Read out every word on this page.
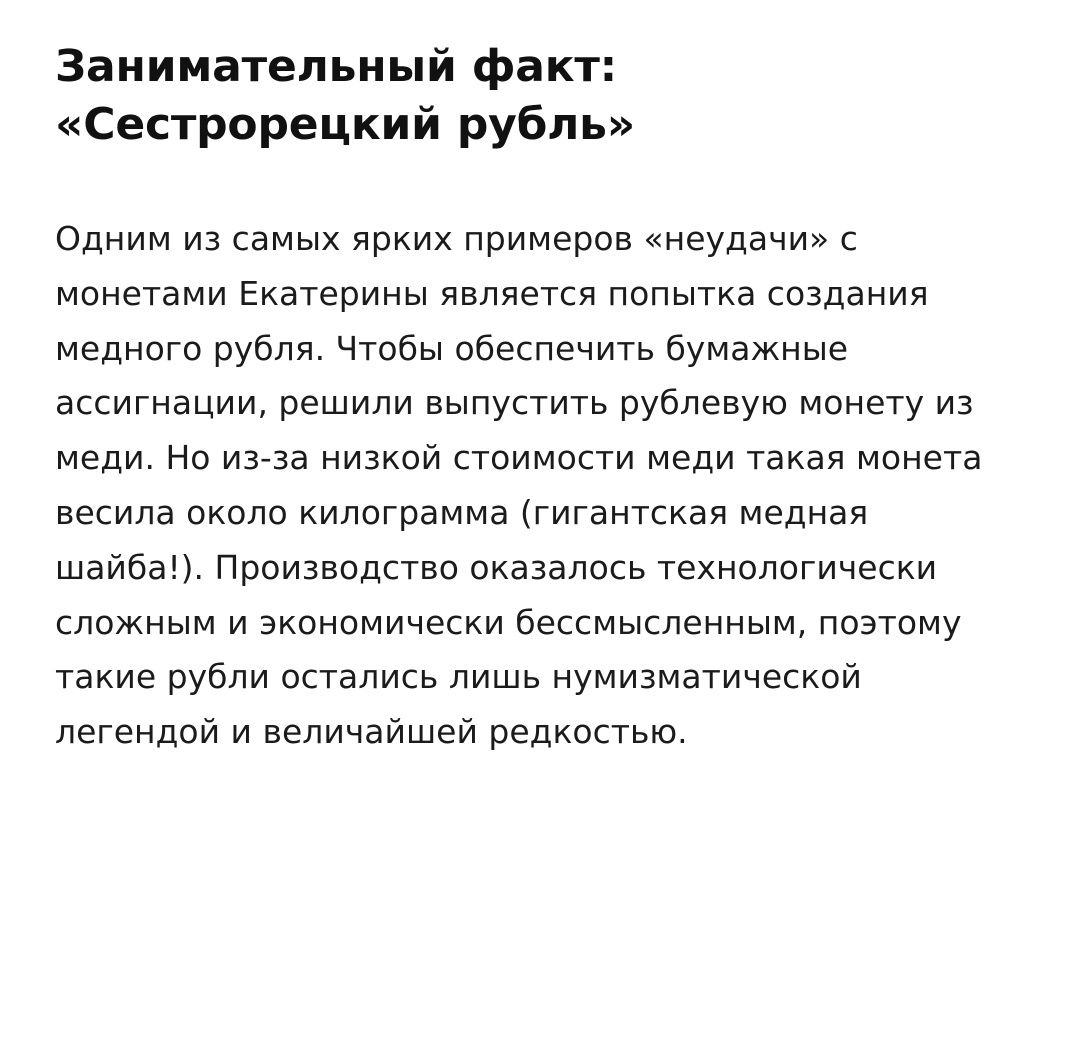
Занимательный факт:
«Сестрорецкий рубль»

Одним из самых ярких примеров «неудачи» с монетами Екатерины является попытка создания медного рубля. Чтобы обеспечить бумажные ассигнации, решили выпустить рублевую монету из меди. Но из-за низкой стоимости меди такая монета весила около килограмма (гигантская медная шайба!). Производство оказалось технологически сложным и экономически бессмысленным, поэтому такие рубли остались лишь нумизматической легендой и величайшей редкостью.
